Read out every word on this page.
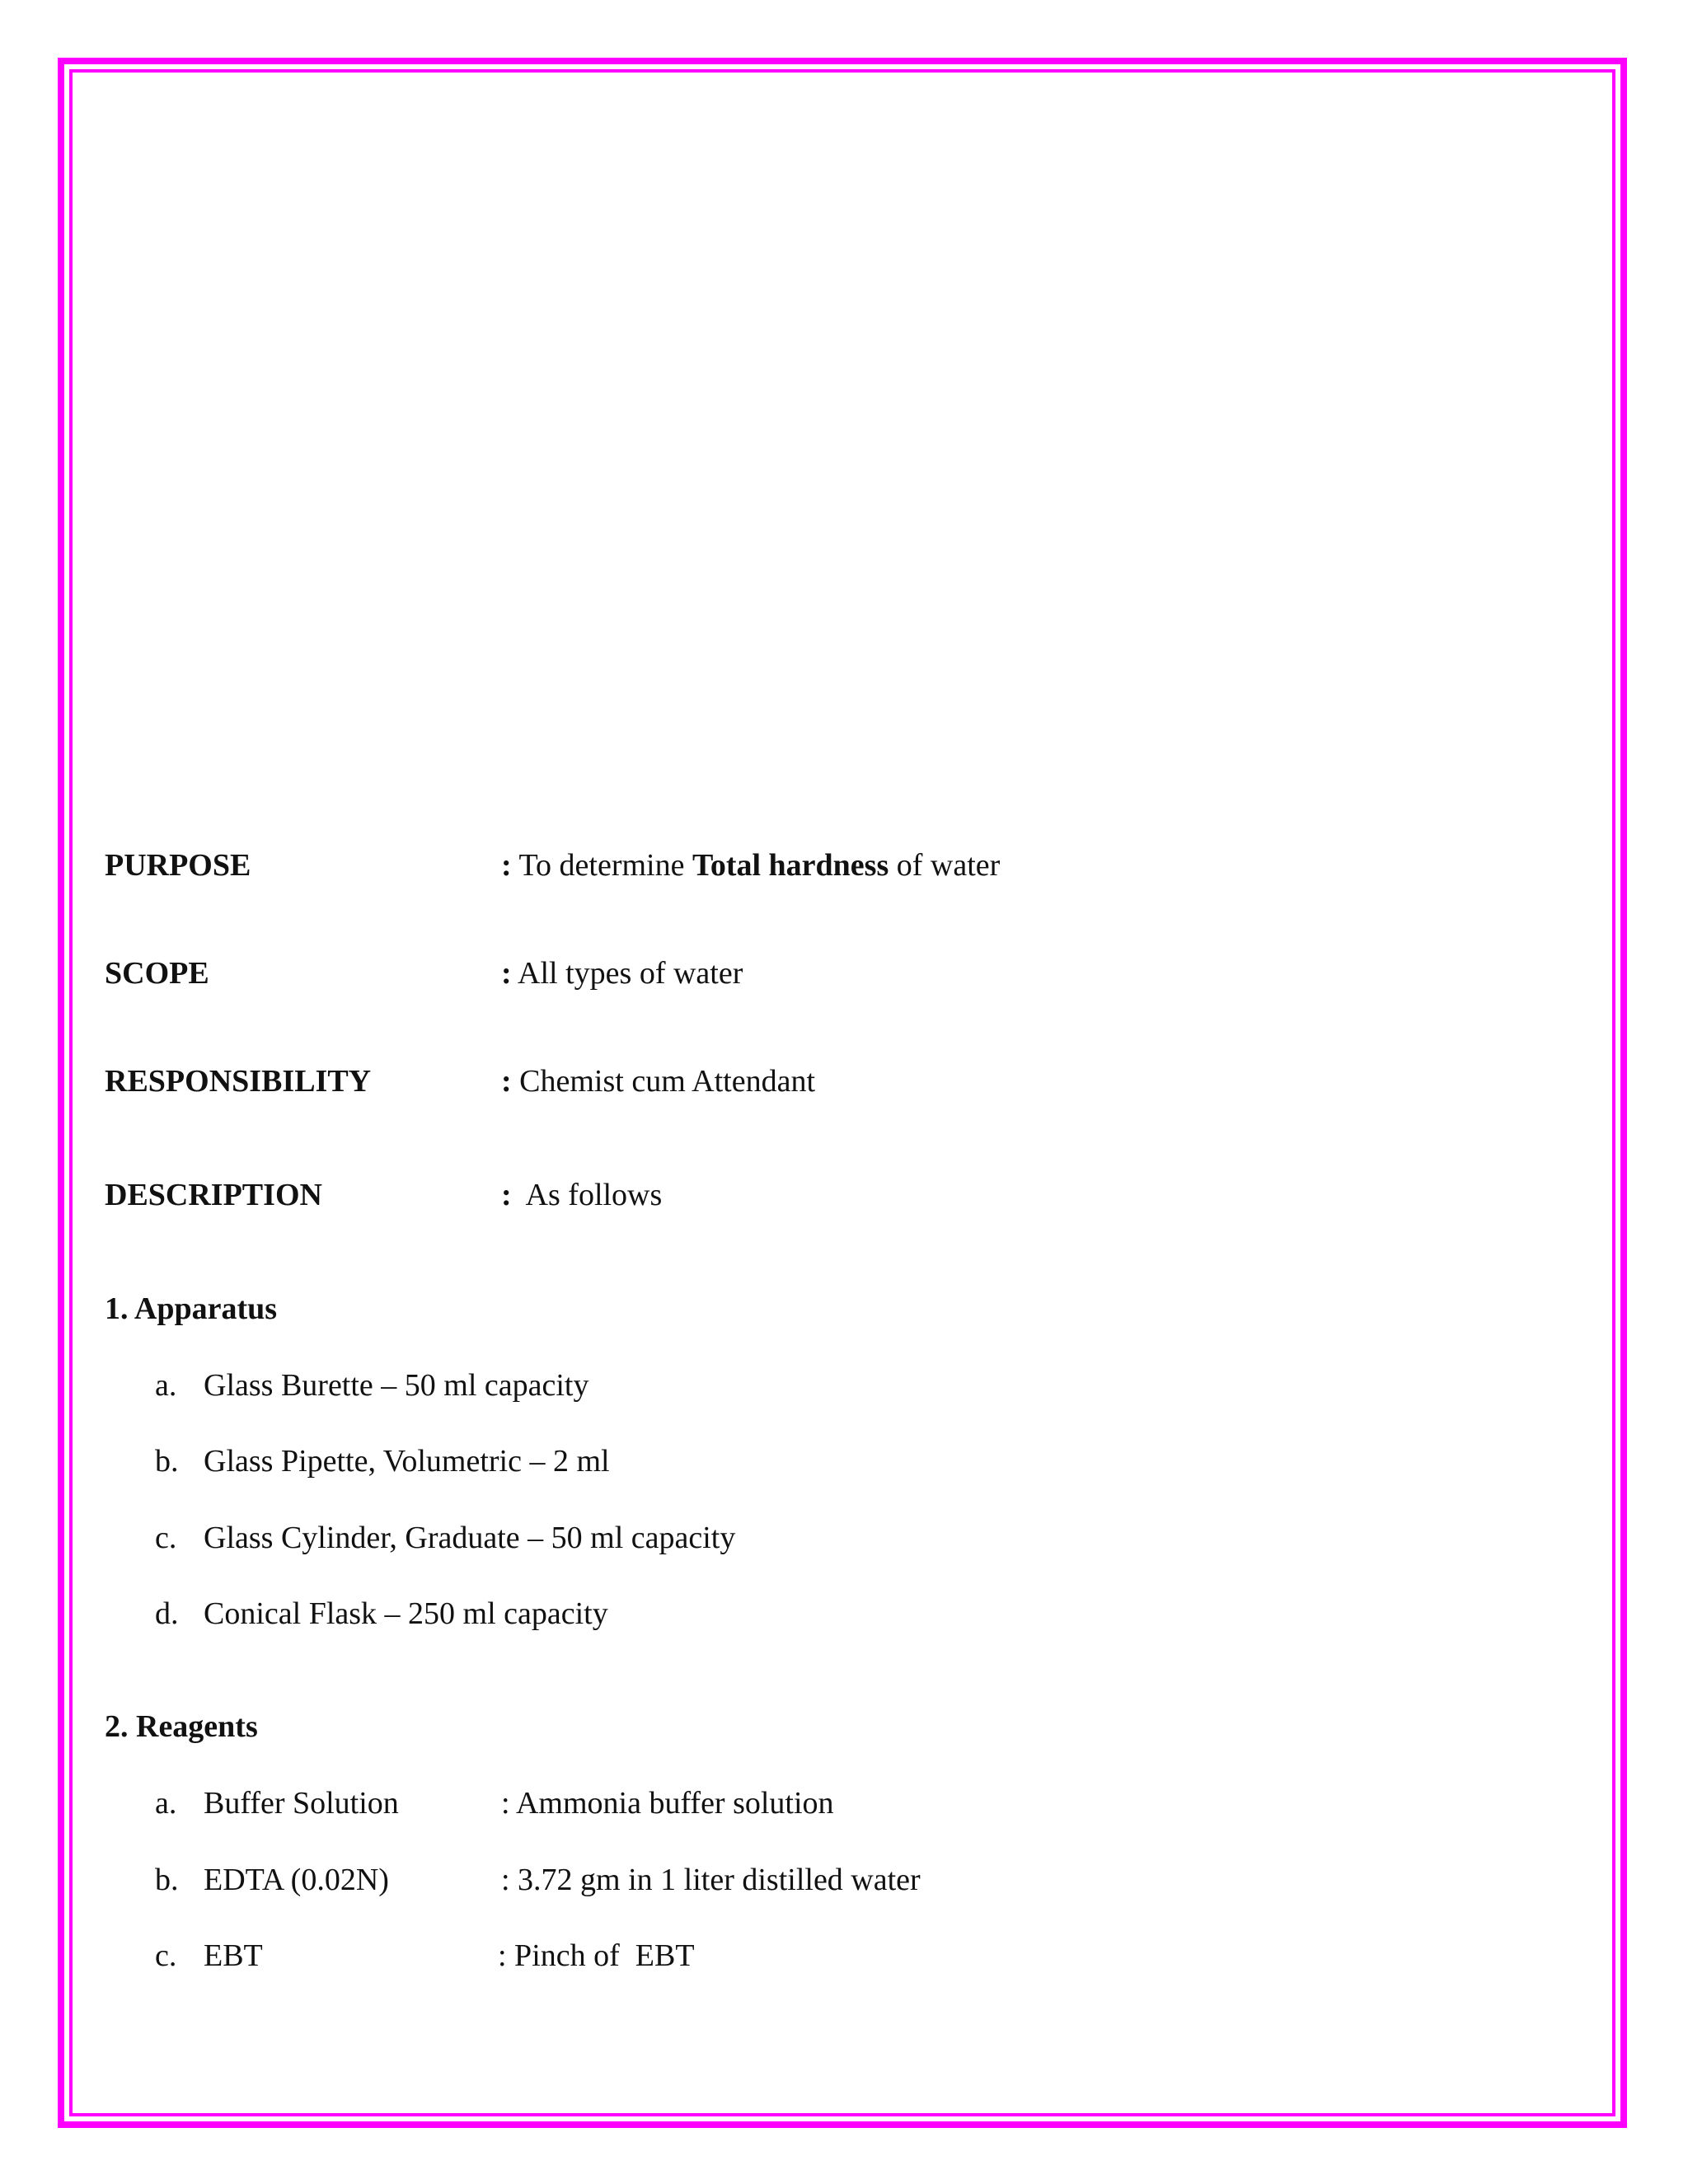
PURPOSE	: To determine Total hardness of water
SCOPE	: All types of water
RESPONSIBILITY	: Chemist cum Attendant
DESCRIPTION	:  As follows
1. Apparatus
a. Glass Burette – 50 ml capacity
b. Glass Pipette, Volumetric – 2 ml
c. Glass Cylinder, Graduate – 50 ml capacity
d. Conical Flask – 250 ml capacity
2. Reagents
a. Buffer Solution	: Ammonia buffer solution
b. EDTA (0.02N)	: 3.72 gm in 1 liter distilled water
c. EBT	: Pinch of  EBT
